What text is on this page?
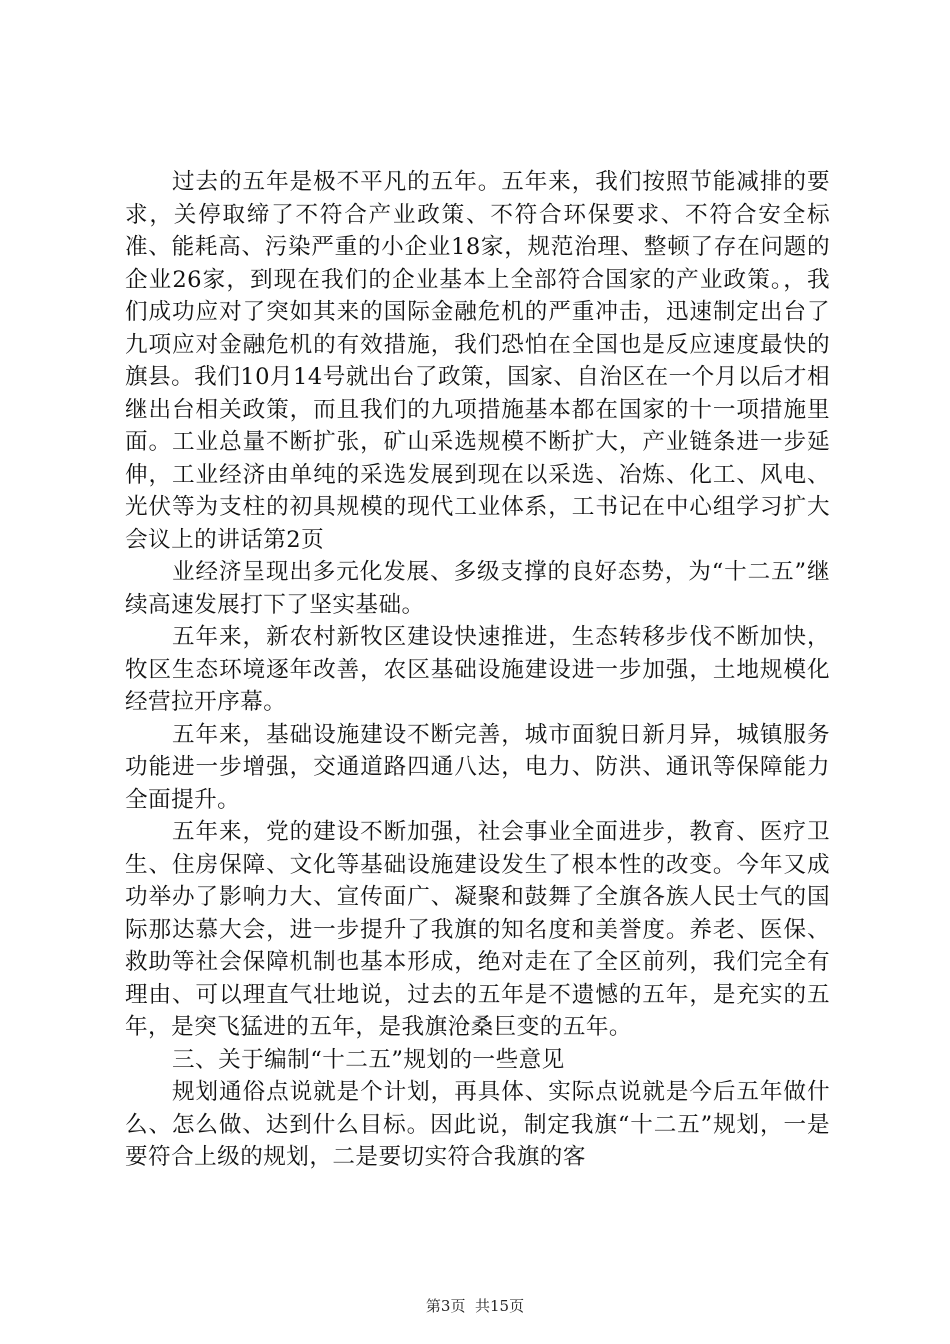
过去的五年是极不平凡的五年。五年来，我们按照节能减排的要求，关停取缔了不符合产业政策、不符合环保要求、不符合安全标准、能耗高、污染严重的小企业18家，规范治理、整顿了存在问题的企业26家，到现在我们的企业基本上全部符合国家的产业政策。，我们成功应对了突如其来的国际金融危机的严重冲击，迅速制定出台了九项应对金融危机的有效措施，我们恐怕在全国也是反应速度最快的旗县。我们10月14号就出台了政策，国家、自治区在一个月以后才相继出台相关政策，而且我们的九项措施基本都在国家的十一项措施里面。工业总量不断扩张，矿山采选规模不断扩大，产业链条进一步延伸，工业经济由单纯的采选发展到现在以采选、冶炼、化工、风电、光伏等为支柱的初具规模的现代工业体系，工书记在中心组学习扩大会议上的讲话第2页

业经济呈现出多元化发展、多级支撑的良好态势，为“十二五”继续高速发展打下了坚实基础。

五年来，新农村新牧区建设快速推进，生态转移步伐不断加快，牧区生态环境逐年改善，农区基础设施建设进一步加强，土地规模化经营拉开序幕。

五年来，基础设施建设不断完善，城市面貌日新月异，城镇服务功能进一步增强，交通道路四通八达，电力、防洪、通讯等保障能力全面提升。

五年来，党的建设不断加强，社会事业全面进步，教育、医疗卫生、住房保障、文化等基础设施建设发生了根本性的改变。今年又成功举办了影响力大、宣传面广、凝聚和鼓舞了全旗各族人民士气的国际那达慕大会，进一步提升了我旗的知名度和美誉度。养老、医保、救助等社会保障机制也基本形成，绝对走在了全区前列，我们完全有理由、可以理直气壮地说，过去的五年是不遗憾的五年，是充实的五年，是突飞猛进的五年，是我旗沧桑巨变的五年。

三、关于编制“十二五”规划的一些意见

规划通俗点说就是个计划，再具体、实际点说就是今后五年做什么、怎么做、达到什么目标。因此说，制定我旗“十二五”规划，一是要符合上级的规划，二是要切实符合我旗的客

第3页  共15页
